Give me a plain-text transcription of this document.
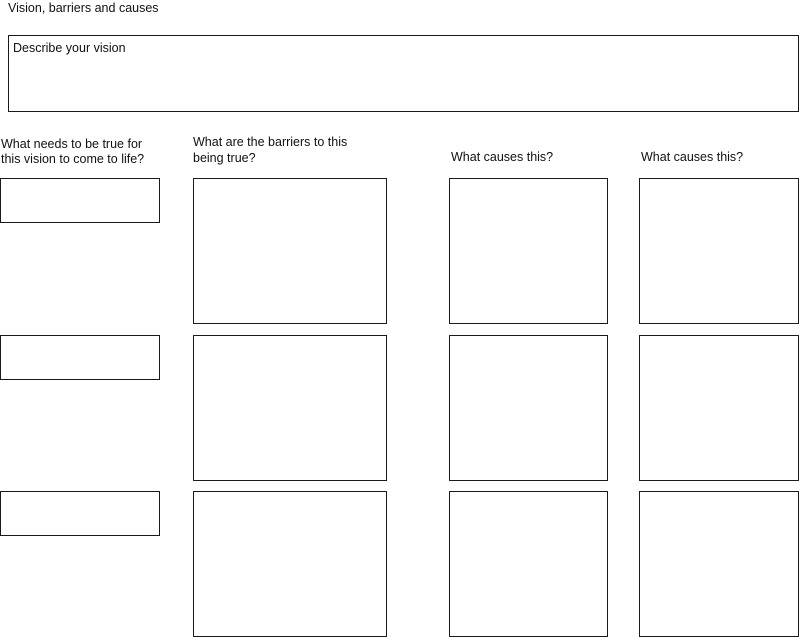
Vision, barriers and causes
Describe your vision
What needs to be true for
this vision to come to life?
What are the barriers to this
being true?	What causes this?	What causes this?
